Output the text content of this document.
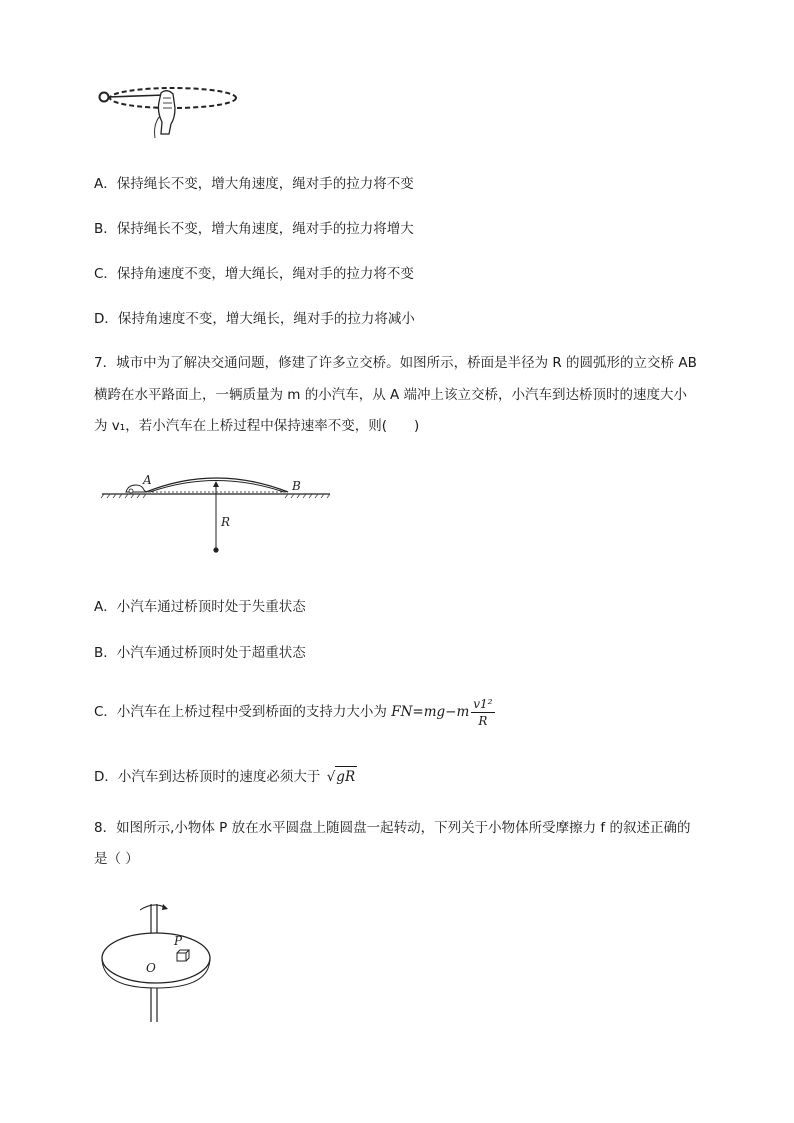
A．保持绳长不变，增大角速度，绳对手的拉力将不变
B．保持绳长不变，增大角速度，绳对手的拉力将增大
C．保持角速度不变，增大绳长，绳对手的拉力将不变
D．保持角速度不变，增大绳长，绳对手的拉力将减小
7．城市中为了解决交通问题，修建了许多立交桥。如图所示，桥面是半径为 R 的圆弧形的立交桥 AB
横跨在水平路面上，一辆质量为 m 的小汽车，从 A 端冲上该立交桥，小汽车到达桥顶时的速度大小
为 v₁，若小汽车在上桥过程中保持速率不变，则(　　)
A	B
R
A．小汽车通过桥顶时处于失重状态
B．小汽车通过桥顶时处于超重状态
C．小汽车在上桥过程中受到桥面的支持力大小为 $FN=mg-m \frac{\text{v1²}}{R}$
D．小汽车到达桥顶时的速度必须大于 √gR
8．如图所示,小物体 P 放在水平圆盘上随圆盘一起转动，下列关于小物体所受摩擦力 f 的叙述正确的
是（ ）
P
O
